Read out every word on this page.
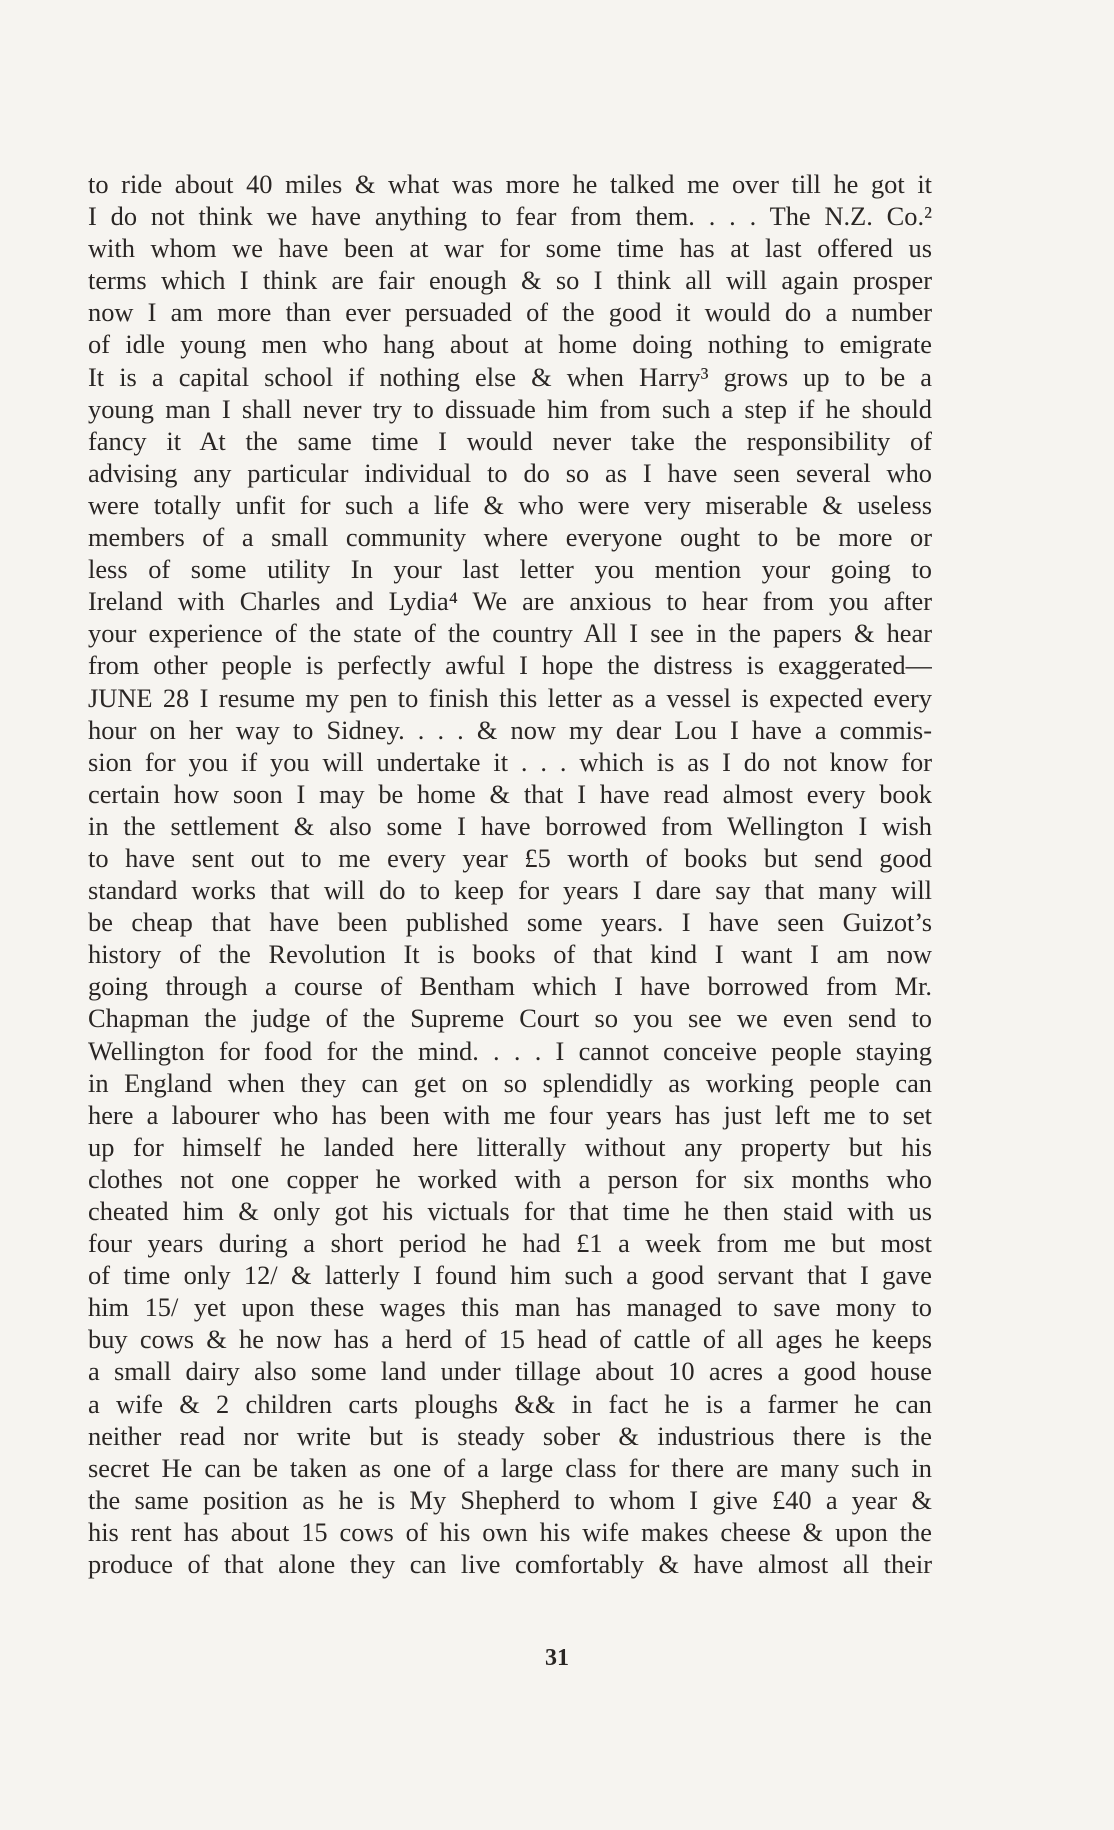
to ride about 40 miles & what was more he talked me over till he got it
I do not think we have anything to fear from them. . . . The N.Z. Co.²
with whom we have been at war for some time has at last offered us
terms which I think are fair enough & so I think all will again prosper
now I am more than ever persuaded of the good it would do a number
of idle young men who hang about at home doing nothing to emigrate
It is a capital school if nothing else & when Harry³ grows up to be a
young man I shall never try to dissuade him from such a step if he should
fancy it At the same time I would never take the responsibility of
advising any particular individual to do so as I have seen several who
were totally unfit for such a life & who were very miserable & useless
members of a small community where everyone ought to be more or
less of some utility In your last letter you mention your going to
Ireland with Charles and Lydia⁴ We are anxious to hear from you after
your experience of the state of the country All I see in the papers & hear
from other people is perfectly awful I hope the distress is exaggerated—
JUNE 28 I resume my pen to finish this letter as a vessel is expected every
hour on her way to Sidney. . . . & now my dear Lou I have a commis-
sion for you if you will undertake it . . . which is as I do not know for
certain how soon I may be home & that I have read almost every book
in the settlement & also some I have borrowed from Wellington I wish
to have sent out to me every year £5 worth of books but send good
standard works that will do to keep for years I dare say that many will
be cheap that have been published some years. I have seen Guizot’s
history of the Revolution It is books of that kind I want I am now
going through a course of Bentham which I have borrowed from Mr.
Chapman the judge of the Supreme Court so you see we even send to
Wellington for food for the mind. . . . I cannot conceive people staying
in England when they can get on so splendidly as working people can
here a labourer who has been with me four years has just left me to set
up for himself he landed here litterally without any property but his
clothes not one copper he worked with a person for six months who
cheated him & only got his victuals for that time he then staid with us
four years during a short period he had £1 a week from me but most
of time only 12/ & latterly I found him such a good servant that I gave
him 15/ yet upon these wages this man has managed to save mony to
buy cows & he now has a herd of 15 head of cattle of all ages he keeps
a small dairy also some land under tillage about 10 acres a good house
a wife & 2 children carts ploughs && in fact he is a farmer he can
neither read nor write but is steady sober & industrious there is the
secret He can be taken as one of a large class for there are many such in
the same position as he is My Shepherd to whom I give £40 a year &
his rent has about 15 cows of his own his wife makes cheese & upon the
produce of that alone they can live comfortably & have almost all their
31
